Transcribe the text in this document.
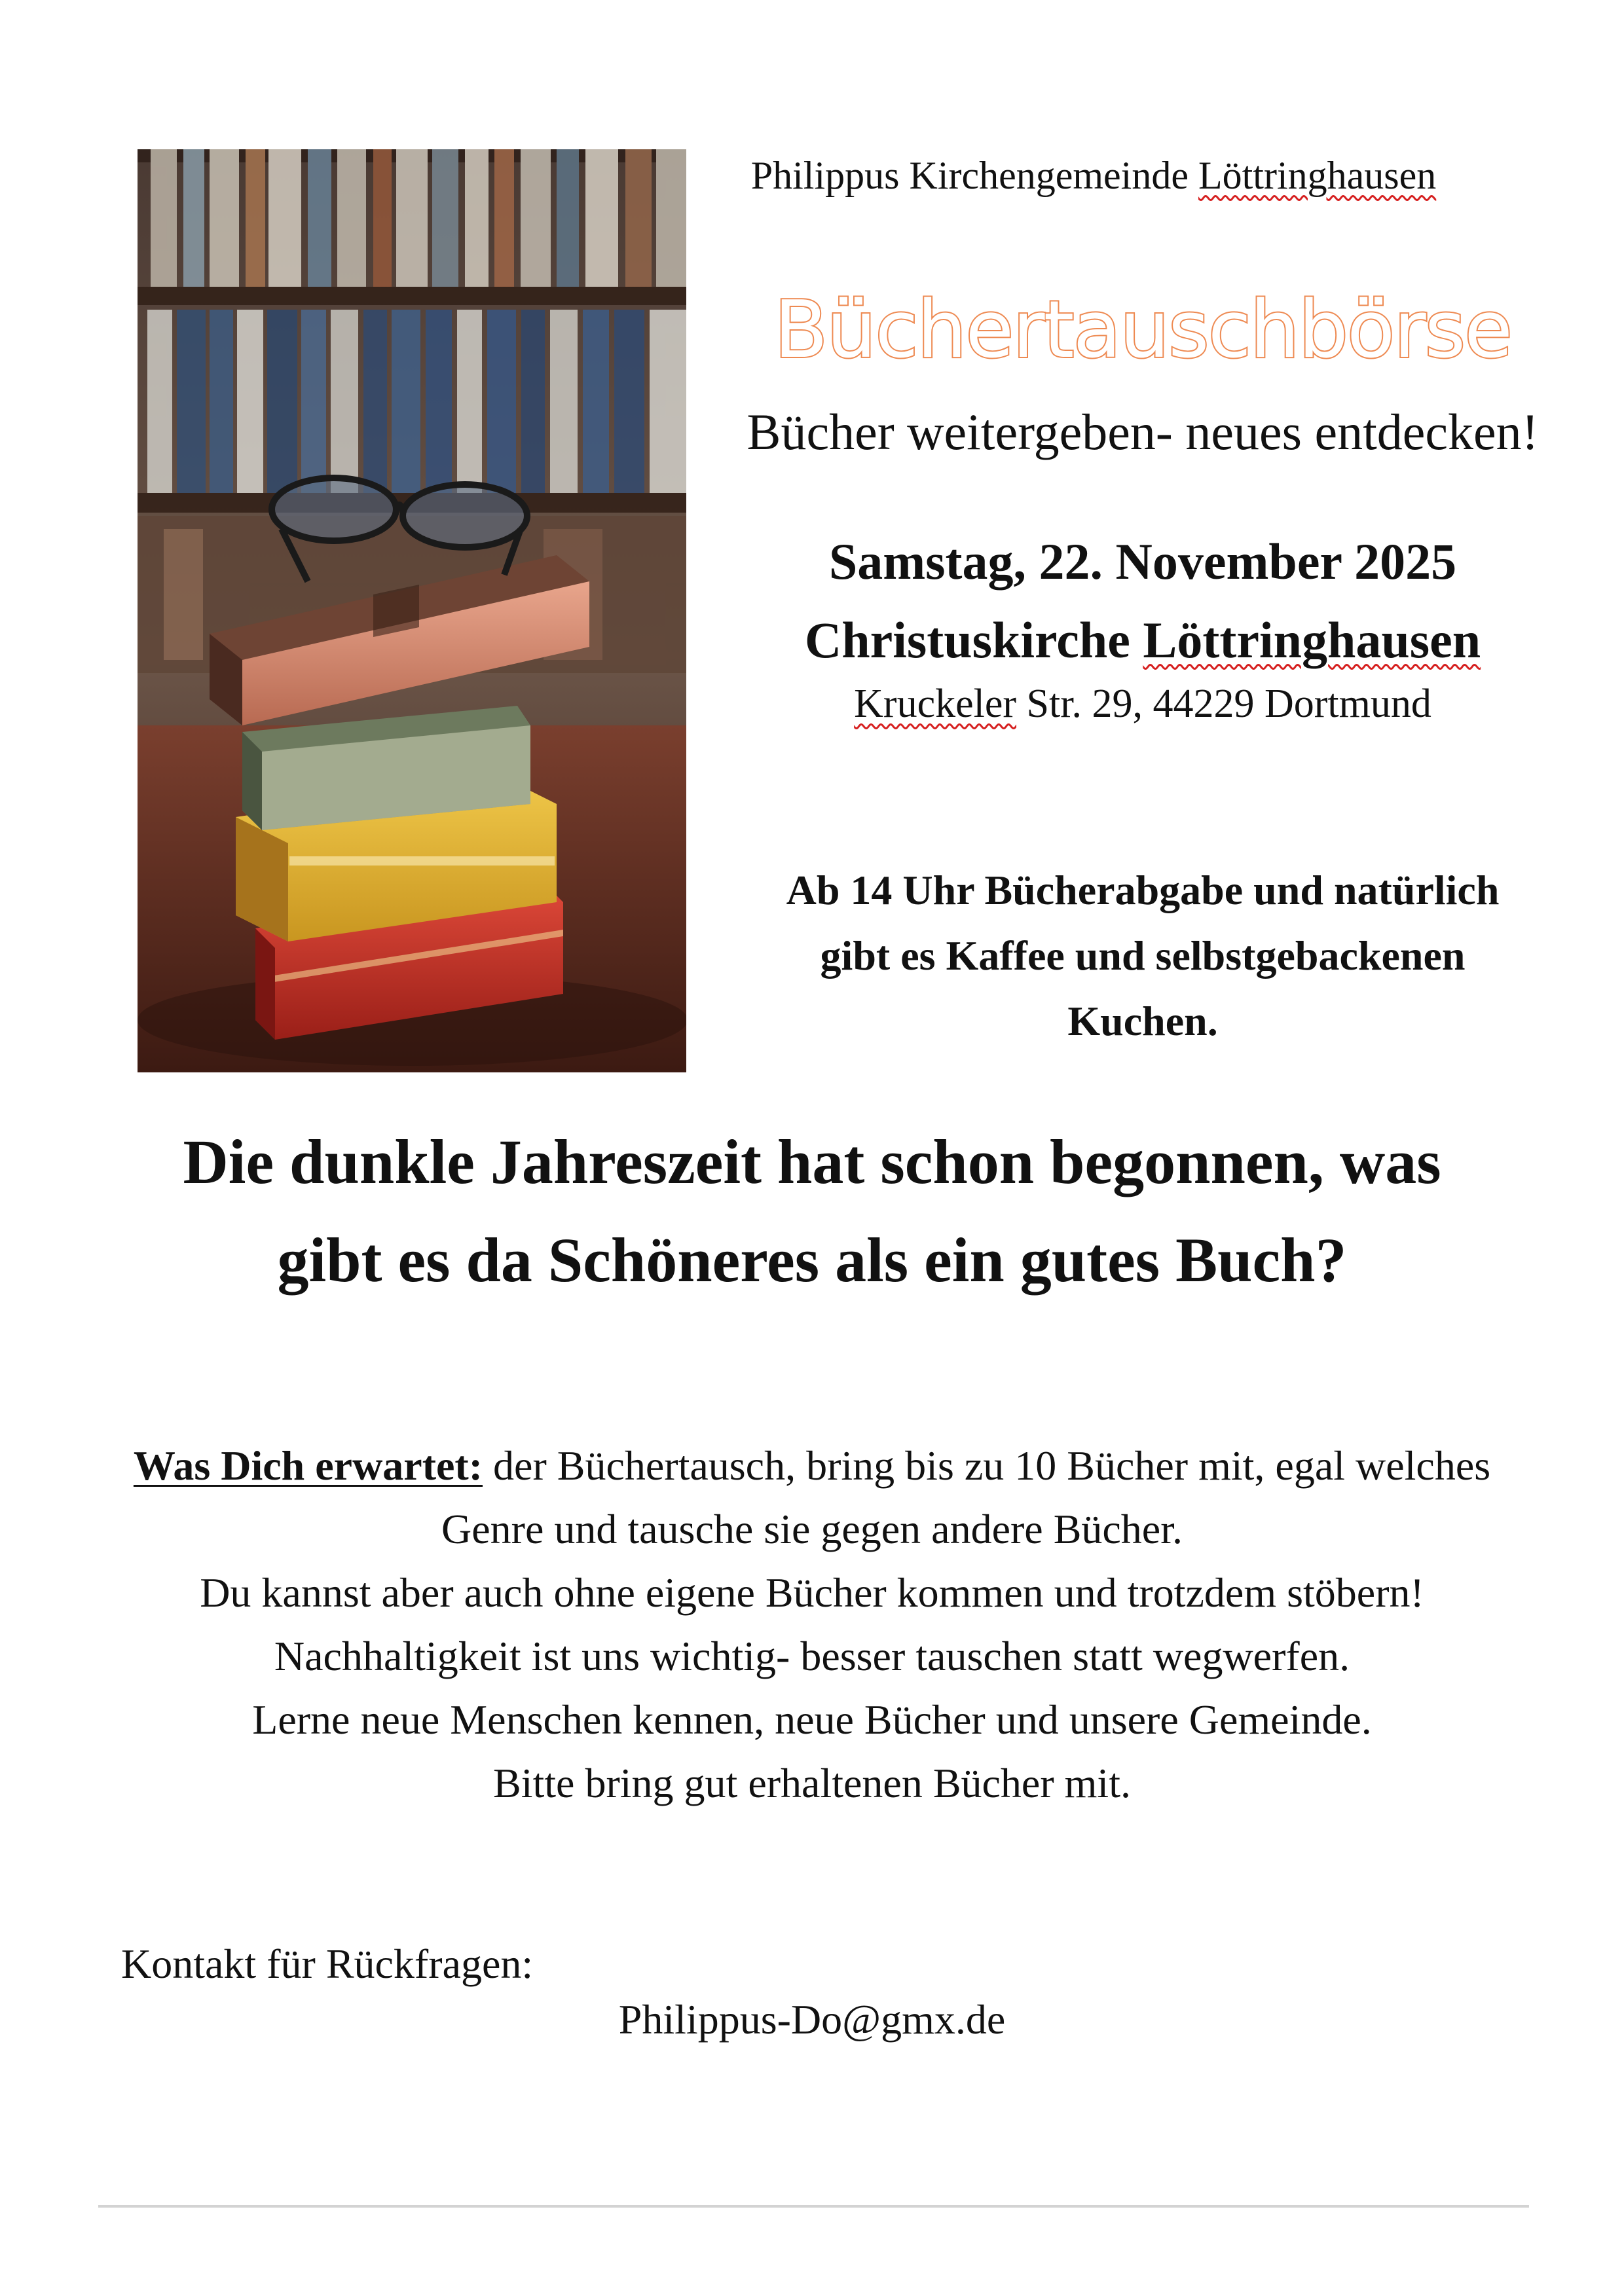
Philippus Kirchengemeinde Löttringhausen
Büchertauschbörse
Bücher weitergeben- neues entdecken!
Samstag, 22. November 2025
Christuskirche Löttringhausen
Kruckeler Str. 29, 44229 Dortmund
Ab 14 Uhr Bücherabgabe und natürlich
gibt es Kaffee und selbstgebackenen
Kuchen.
Die dunkle Jahreszeit hat schon begonnen, was
gibt es da Schöneres als ein gutes Buch?
Was Dich erwartet: der Büchertausch, bring bis zu 10 Bücher mit, egal welches
Genre und tausche sie gegen andere Bücher.
Du kannst aber auch ohne eigene Bücher kommen und trotzdem stöbern!
Nachhaltigkeit ist uns wichtig- besser tauschen statt wegwerfen.
Lerne neue Menschen kennen, neue Bücher und unsere Gemeinde.
Bitte bring gut erhaltenen Bücher mit.
Kontakt für Rückfragen:
Philippus-Do@gmx.de
